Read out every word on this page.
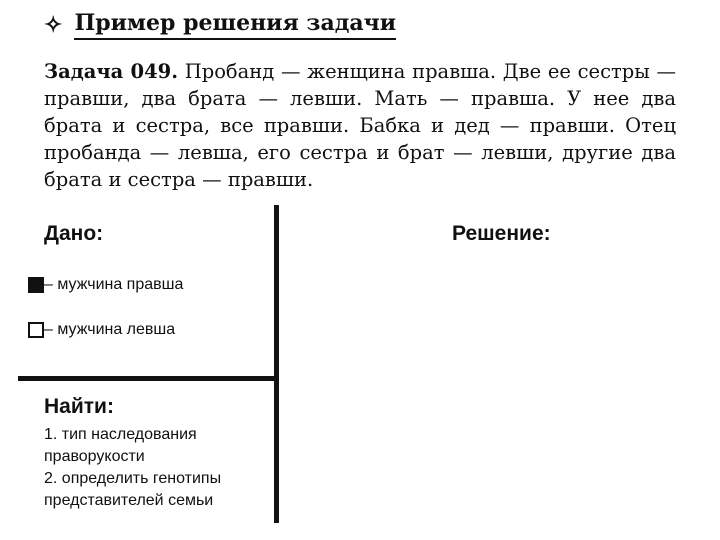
✧ Пример решения задачи
Задача 049. Пробанд — женщина правша. Две ее сестры — правши, два брата — левши. Мать — правша. У нее два брата и сестра, все правши. Бабка и дед — правши. Отец пробанда — левша, его сестра и брат — левши, другие два брата и сестра — правши.
Дано:
– мужчина правша
– мужчина левша
Найти:
1. тип наследования праворукости
2. определить генотипы представителей семьи
Решение:
